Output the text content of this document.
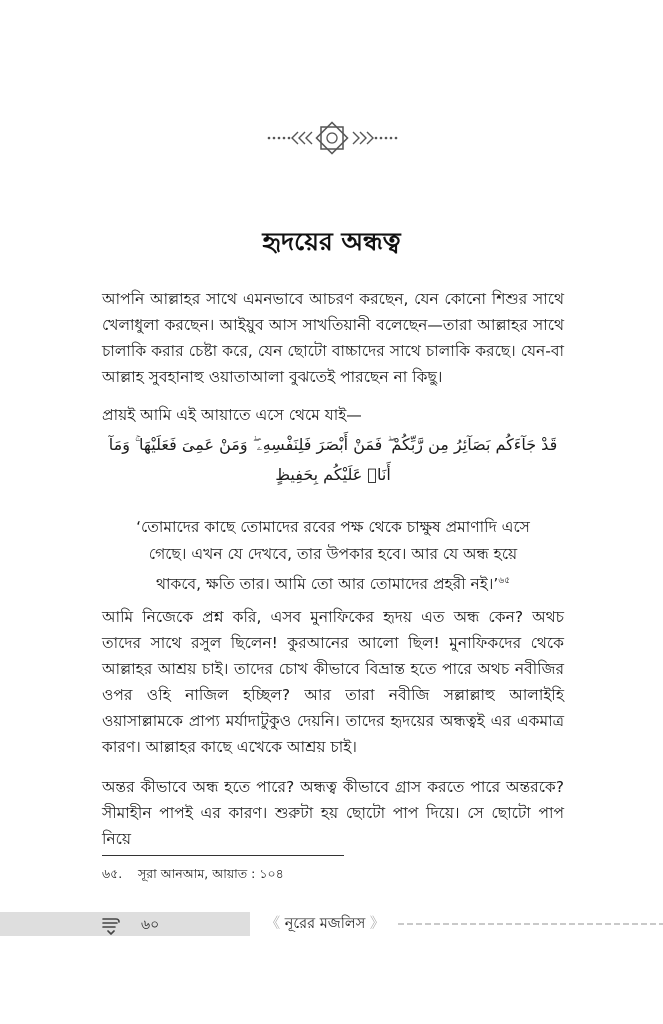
হৃদয়ের অন্ধত্ব
আপনি আল্লাহর সাথে এমনভাবে আচরণ করছেন, যেন কোনো শিশুর সাথে খেলাধুলা করছেন। আইয়ুব আস সাখতিয়ানী বলেছেন—তারা আল্লাহর সাথে চালাকি করার চেষ্টা করে, যেন ছোটো বাচ্চাদের সাথে চালাকি করছে। যেন-বা আল্লাহ সুবহানাহু ওয়াতাআলা বুঝতেই পারছেন না কিছু।
প্রায়ই আমি এই আয়াতে এসে থেমে যাই—
قَدْ جَآءَكُم بَصَآئِرُ مِن رَّبِّكُمْ ۖ فَمَنْ أَبْصَرَ فَلِنَفْسِهِۦ ۖ وَمَنْ عَمِىَ فَعَلَيْهَا ۚ وَمَآ
أَنَا۠ عَلَيْكُم بِحَفِيظٍ
‘তোমাদের কাছে তোমাদের রবের পক্ষ থেকে চাক্ষুষ প্রমাণাদি এসে গেছে। এখন যে দেখবে, তার উপকার হবে। আর যে অন্ধ হয়ে থাকবে, ক্ষতি তার। আমি তো আর তোমাদের প্রহরী নই।’$^{৬৫}$
আমি নিজেকে প্রশ্ন করি, এসব মুনাফিকের হৃদয় এত অন্ধ কেন? অথচ তাদের সাথে রসুল ছিলেন! কুরআনের আলো ছিল! মুনাফিকদের থেকে আল্লাহর আশ্রয় চাই। তাদের চোখ কীভাবে বিভ্রান্ত হতে পারে অথচ নবীজির ওপর ওহি নাজিল হচ্ছিল? আর তারা নবীজি সল্লাল্লাহু আলাইহি ওয়াসাল্লামকে প্রাপ্য মর্যাদাটুকুও দেয়নি। তাদের হৃদয়ের অন্ধত্বই এর একমাত্র কারণ। আল্লাহর কাছে এখেকে আশ্রয় চাই।
অন্তর কীভাবে অন্ধ হতে পারে? অন্ধত্ব কীভাবে গ্রাস করতে পারে অন্তরকে? সীমাহীন পাপই এর কারণ। শুরুটা হয় ছোটো পাপ দিয়ে। সে ছোটো পাপ নিয়ে
৬৫. সূরা আনআম, আয়াত : ১০৪
৬০	《 নূরের মজলিস 》
